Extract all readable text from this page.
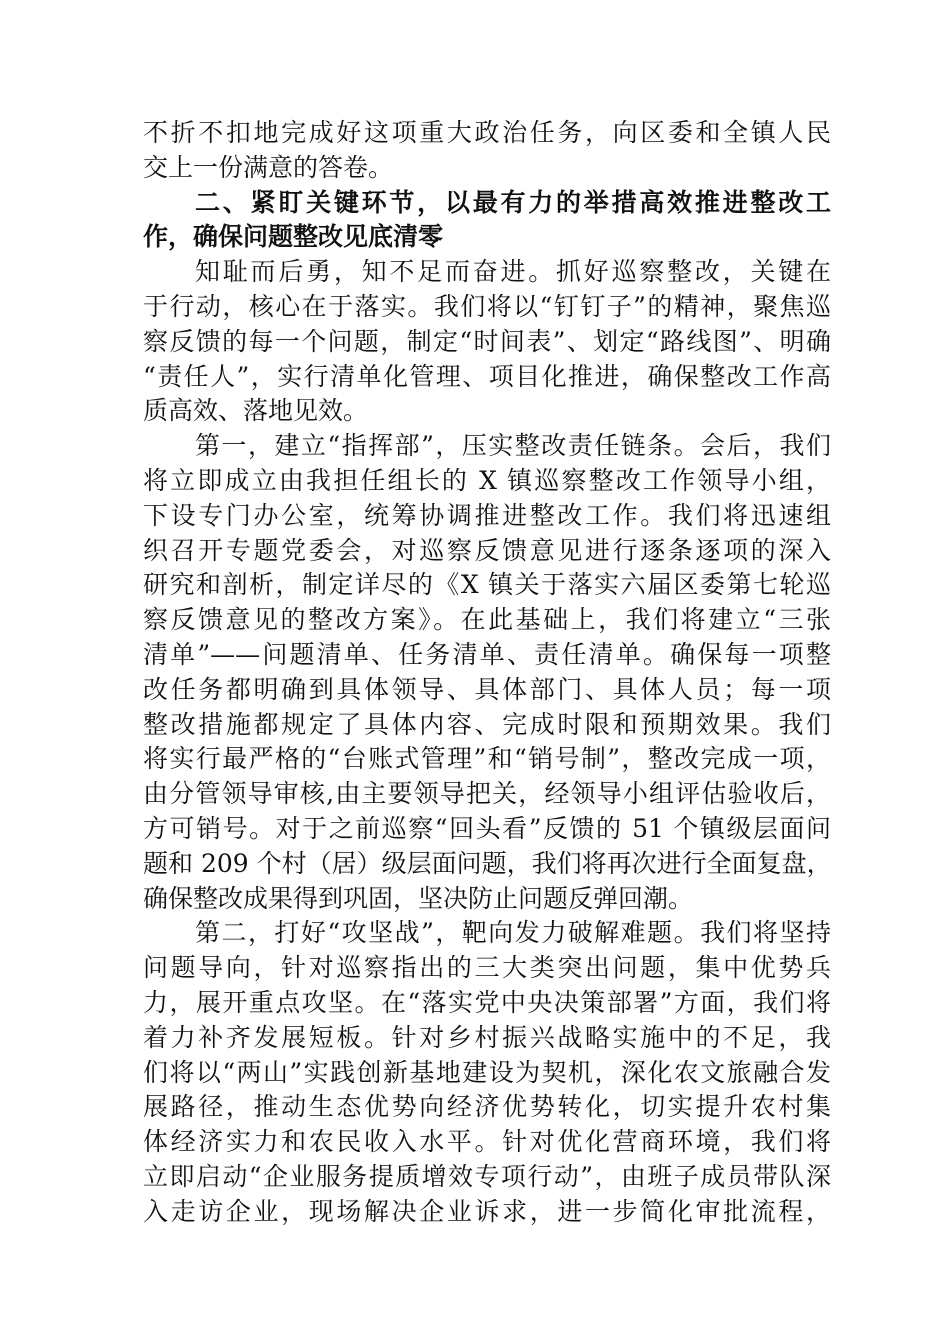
不折不扣地完成好这项重大政治任务，向区委和全镇人民
交上一份满意的答卷。
二、紧盯关键环节，以最有力的举措高效推进整改工
作，确保问题整改见底清零
知耻而后勇，知不足而奋进。抓好巡察整改，关键在
于行动，核心在于落实。我们将以“钉钉子”的精神，聚焦巡
察反馈的每一个问题，制定“时间表”、划定“路线图”、明确
“责任人”，实行清单化管理、项目化推进，确保整改工作高
质高效、落地见效。
第一，建立“指挥部”，压实整改责任链条。会后，我们
将立即成立由我担任组长的 X 镇巡察整改工作领导小组，
下设专门办公室，统筹协调推进整改工作。我们将迅速组
织召开专题党委会，对巡察反馈意见进行逐条逐项的深入
研究和剖析，制定详尽的《X 镇关于落实六届区委第七轮巡
察反馈意见的整改方案》。在此基础上，我们将建立“三张
清单”——问题清单、任务清单、责任清单。确保每一项整
改任务都明确到具体领导、具体部门、具体人员；每一项
整改措施都规定了具体内容、完成时限和预期效果。我们
将实行最严格的“台账式管理”和“销号制”，整改完成一项，
由分管领导审核,由主要领导把关，经领导小组评估验收后，
方可销号。对于之前巡察“回头看”反馈的 51 个镇级层面问
题和 209 个村（居）级层面问题，我们将再次进行全面复盘，
确保整改成果得到巩固，坚决防止问题反弹回潮。
第二，打好“攻坚战”，靶向发力破解难题。我们将坚持
问题导向，针对巡察指出的三大类突出问题，集中优势兵
力，展开重点攻坚。在“落实党中央决策部署”方面，我们将
着力补齐发展短板。针对乡村振兴战略实施中的不足，我
们将以“两山”实践创新基地建设为契机，深化农文旅融合发
展路径，推动生态优势向经济优势转化，切实提升农村集
体经济实力和农民收入水平。针对优化营商环境，我们将
立即启动“企业服务提质增效专项行动”，由班子成员带队深
入走访企业，现场解决企业诉求，进一步简化审批流程，
